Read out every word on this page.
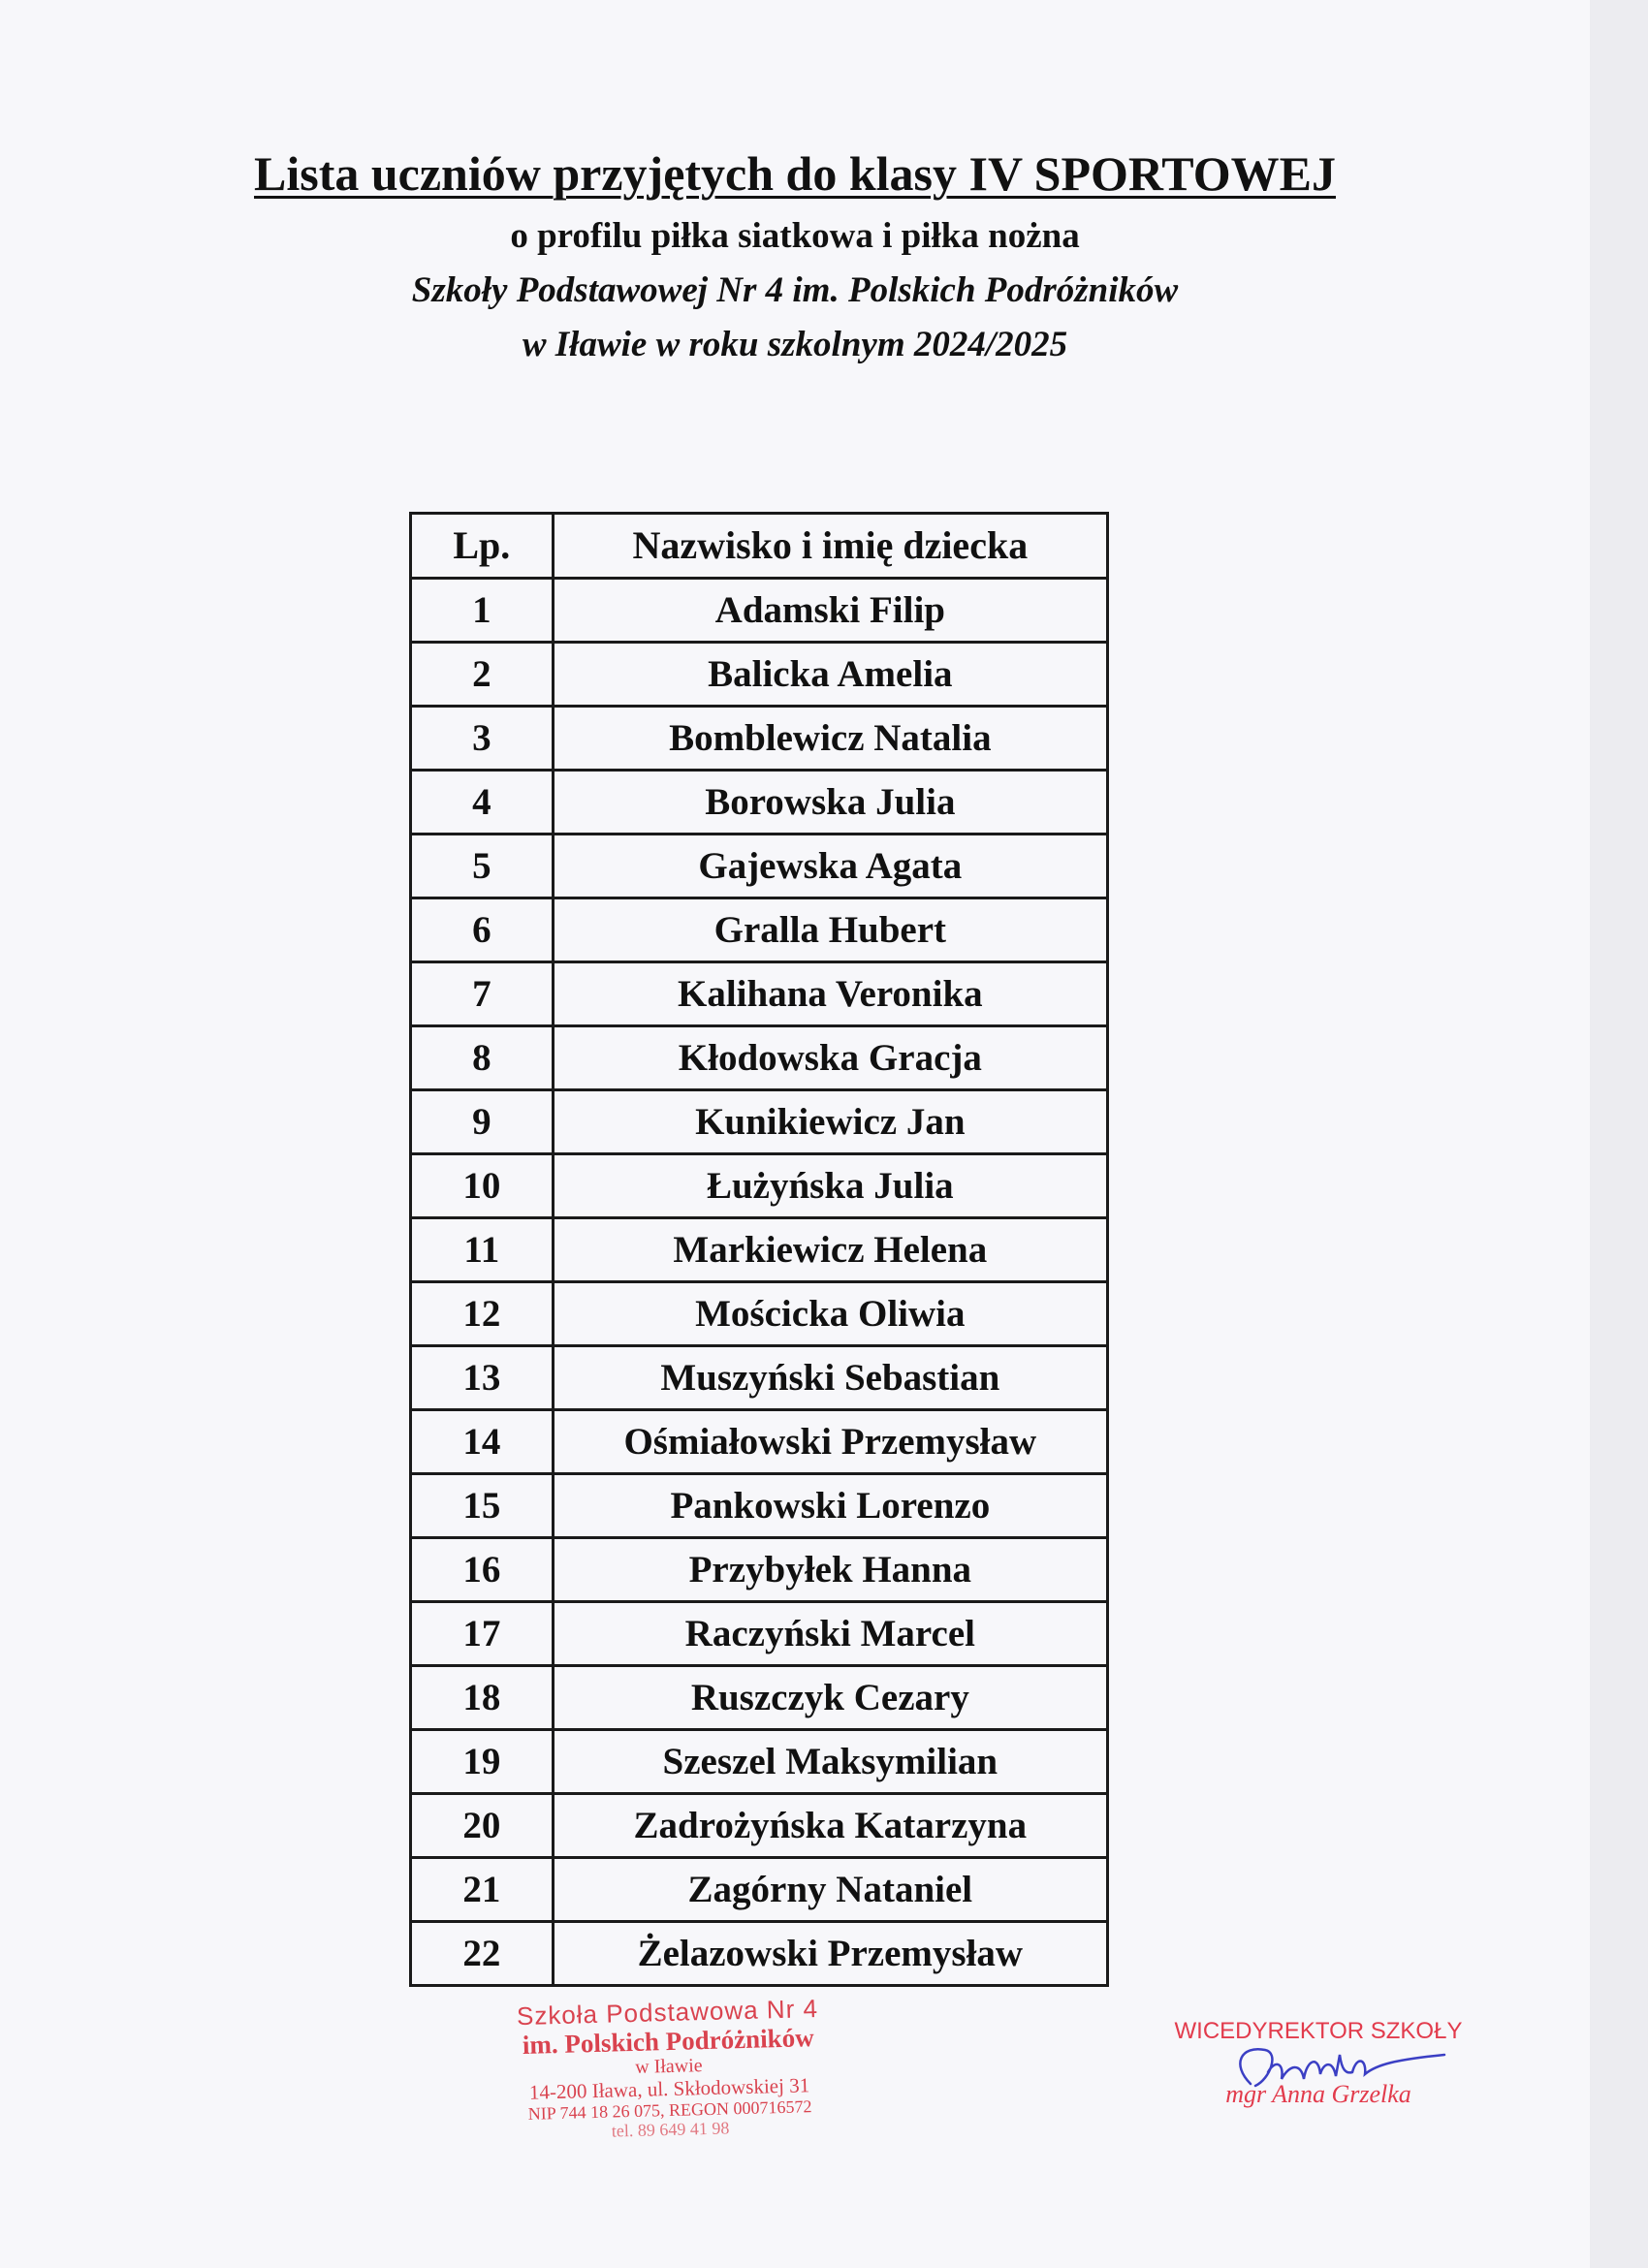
Lista uczniów przyjętych do klasy IV SPORTOWEJ
o profilu piłka siatkowa i piłka nożna
Szkoły Podstawowej Nr 4 im. Polskich Podróżników
w Iławie w roku szkolnym 2024/2025
Lp.	Nazwisko i imię dziecka
1	Adamski Filip
2	Balicka Amelia
3	Bomblewicz Natalia
4	Borowska Julia
5	Gajewska Agata
6	Gralla Hubert
7	Kalihana Veronika
8	Kłodowska Gracja
9	Kunikiewicz Jan
10	Łużyńska Julia
11	Markiewicz Helena
12	Mościcka Oliwia
13	Muszyński Sebastian
14	Ośmiałowski Przemysław
15	Pankowski Lorenzo
16	Przybyłek Hanna
17	Raczyński Marcel
18	Ruszczyk Cezary
19	Szeszel Maksymilian
20	Zadrożyńska Katarzyna
21	Zagórny Nataniel
22	Żelazowski Przemysław
Szkoła Podstawowa Nr 4
im. Polskich Podróżników
w Iławie
14-200 Iława, ul. Skłodowskiej 31
NIP 744 18 26 075, REGON 000716572
tel. 89 649 41 98
WICEDYREKTOR SZKOŁY
mgr Anna Grzelka
